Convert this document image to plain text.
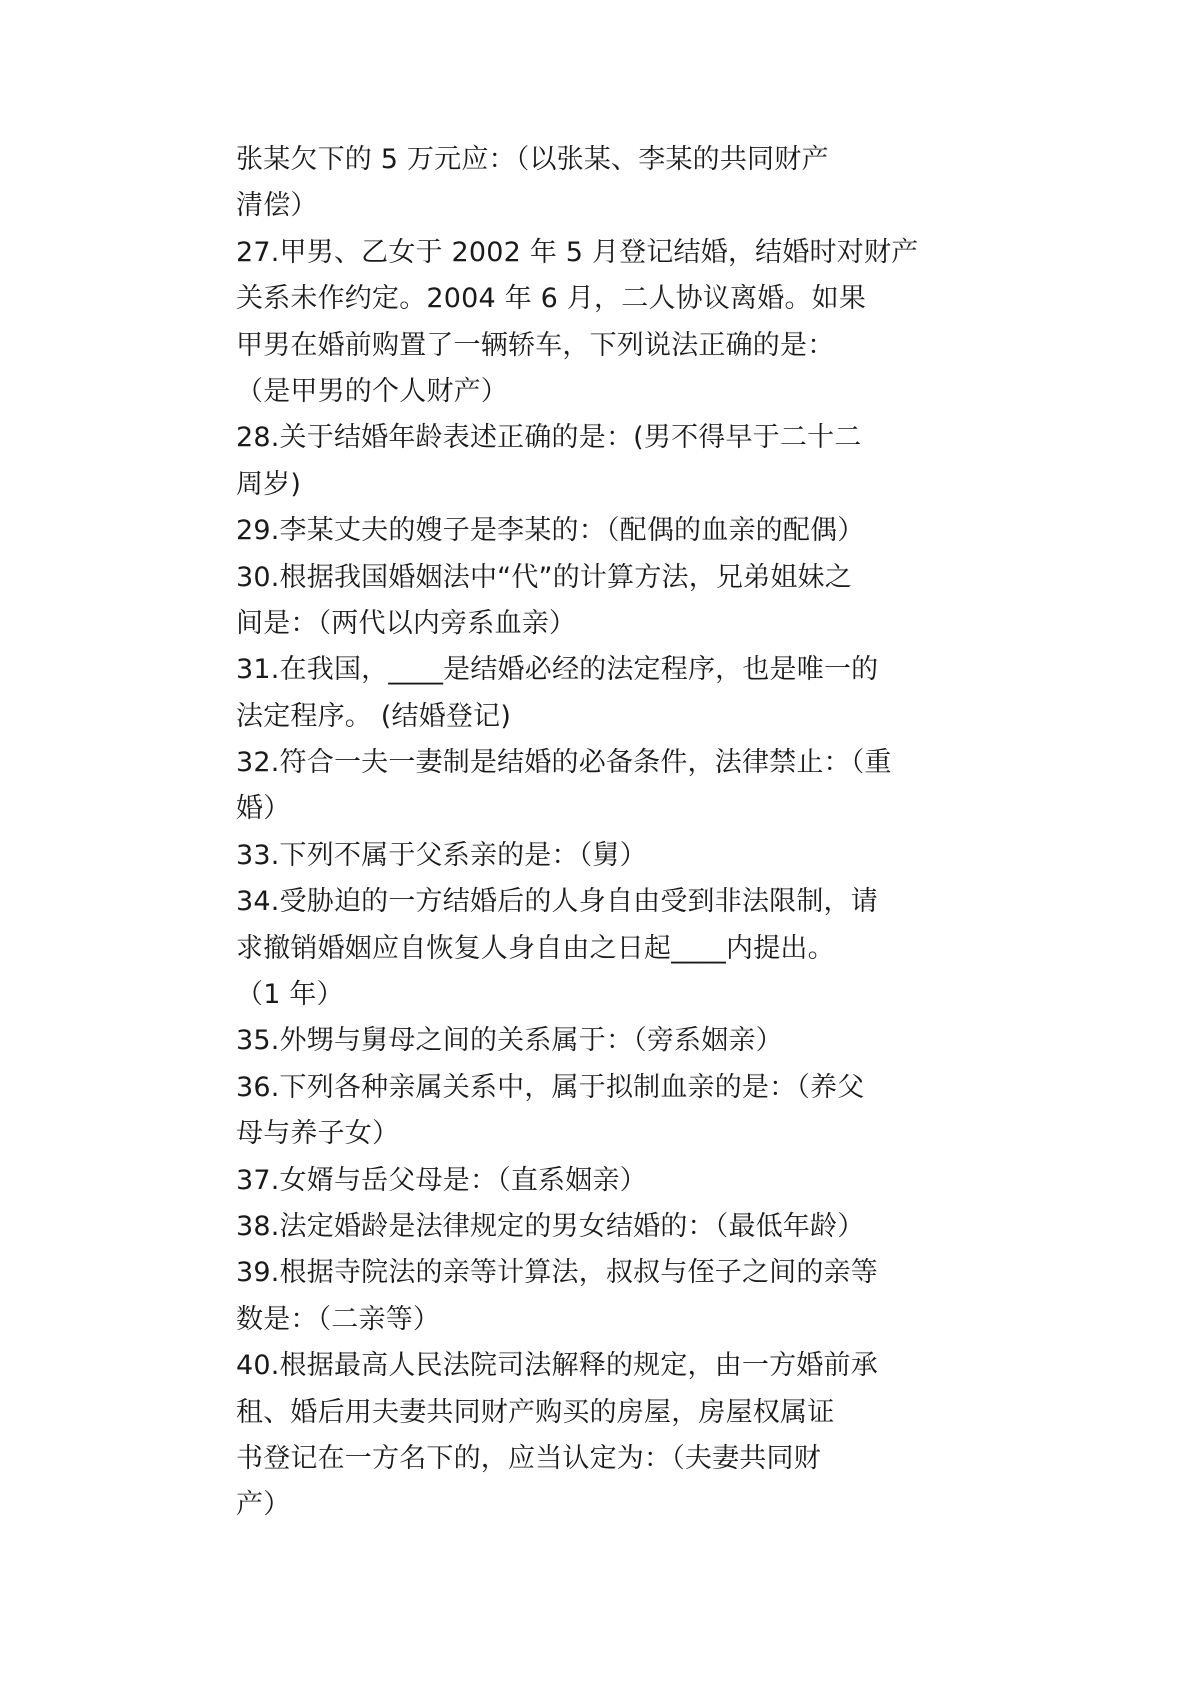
张某欠下的 5 万元应：（以张某、李某的共同财产
清偿）
27.甲男、乙女于 2002 年 5 月登记结婚，结婚时对财产
关系未作约定。2004 年 6 月，二人协议离婚。如果
甲男在婚前购置了一辆轿车，下列说法正确的是：
（是甲男的个人财产）
28.关于结婚年龄表述正确的是：(男不得早于二十二
周岁)
29.李某丈夫的嫂子是李某的：（配偶的血亲的配偶）
30.根据我国婚姻法中“代”的计算方法，兄弟姐妹之
间是：（两代以内旁系血亲）
31.在我国，____是结婚必经的法定程序，也是唯一的
法定程序。 (结婚登记)
32.符合一夫一妻制是结婚的必备条件，法律禁止：（重
婚）
33.下列不属于父系亲的是：（舅）
34.受胁迫的一方结婚后的人身自由受到非法限制，请
求撤销婚姻应自恢复人身自由之日起____内提出。
（1 年）
35.外甥与舅母之间的关系属于：（旁系姻亲）
36.下列各种亲属关系中，属于拟制血亲的是：（养父
母与养子女）
37.女婿与岳父母是：（直系姻亲）
38.法定婚龄是法律规定的男女结婚的：（最低年龄）
39.根据寺院法的亲等计算法，叔叔与侄子之间的亲等
数是：（二亲等）
40.根据最高人民法院司法解释的规定，由一方婚前承
租、婚后用夫妻共同财产购买的房屋，房屋权属证
书登记在一方名下的，应当认定为：（夫妻共同财
产）
